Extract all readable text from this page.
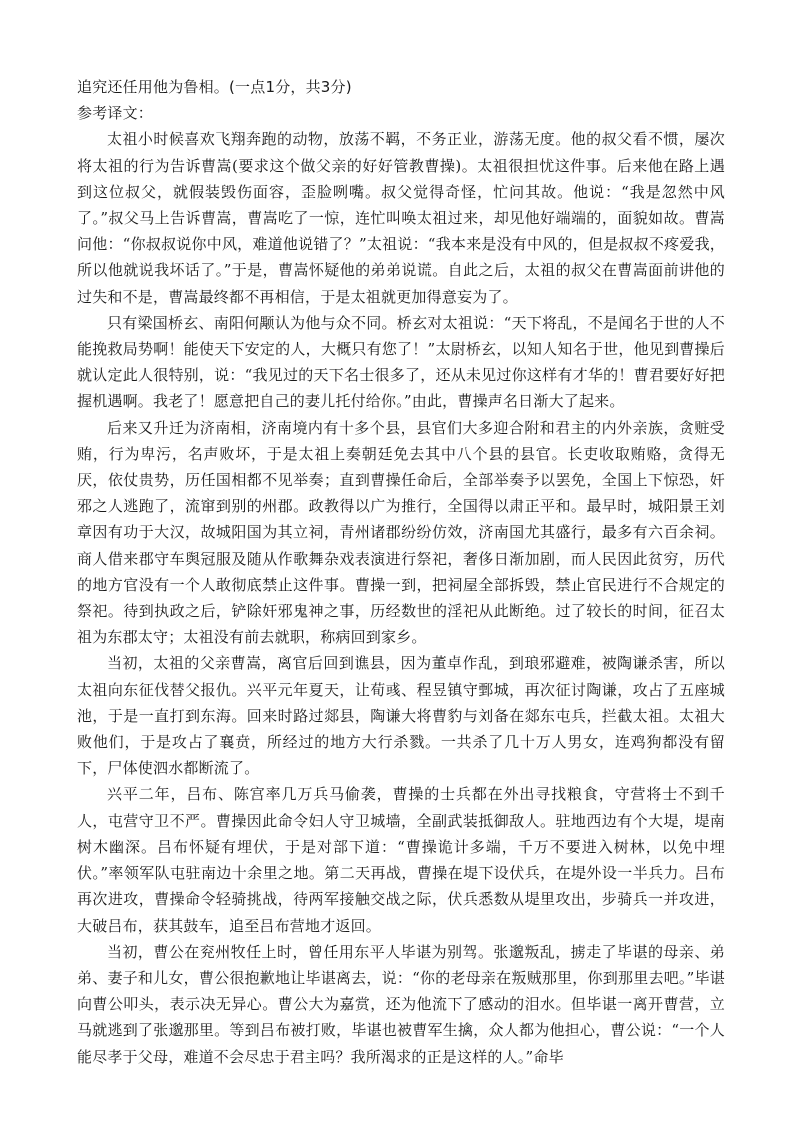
追究还任用他为鲁相。(一点1分，共3分)

参考译文：

太祖小时候喜欢飞翔奔跑的动物，放荡不羁，不务正业，游荡无度。他的叔父看不惯，屡次将太祖的行为告诉曹嵩(要求这个做父亲的好好管教曹操)。太祖很担忧这件事。后来他在路上遇到这位叔父，就假装毁伤面容，歪脸咧嘴。叔父觉得奇怪，忙问其故。他说：“我是忽然中风了。”叔父马上告诉曹嵩，曹嵩吃了一惊，连忙叫唤太祖过来，却见他好端端的，面貌如故。曹嵩问他：“你叔叔说你中风，难道他说错了？”太祖说：“我本来是没有中风的，但是叔叔不疼爱我，所以他就说我坏话了。”于是，曹嵩怀疑他的弟弟说谎。自此之后，太祖的叔父在曹嵩面前讲他的过失和不是，曹嵩最终都不再相信，于是太祖就更加得意妄为了。

只有梁国桥玄、南阳何颙认为他与众不同。桥玄对太祖说：“天下将乱，不是闻名于世的人不能挽救局势啊！能使天下安定的人，大概只有您了！”太尉桥玄，以知人知名于世，他见到曹操后就认定此人很特别，说：“我见过的天下名士很多了，还从未见过你这样有才华的！曹君要好好把握机遇啊。我老了！愿意把自己的妻儿托付给你。”由此，曹操声名日渐大了起来。

后来又升迁为济南相，济南境内有十多个县，县官们大多迎合附和君主的内外亲族，贪赃受贿，行为卑污，名声败坏，于是太祖上奏朝廷免去其中八个县的县官。长吏收取贿赂，贪得无厌，依仗贵势，历任国相都不见举奏；直到曹操任命后，全部举奏予以罢免，全国上下惊恐，奸邪之人逃跑了，流窜到别的州郡。政教得以广为推行，全国得以肃正平和。最早时，城阳景王刘章因有功于大汉，故城阳国为其立祠，青州诸郡纷纷仿效，济南国尤其盛行，最多有六百余祠。商人借来郡守车舆冠服及随从作歌舞杂戏表演进行祭祀，奢侈日渐加剧，而人民因此贫穷，历代的地方官没有一个人敢彻底禁止这件事。曹操一到，把祠屋全部拆毁，禁止官民进行不合规定的祭祀。待到执政之后，铲除奸邪鬼神之事，历经数世的淫祀从此断绝。过了较长的时间，征召太祖为东郡太守；太祖没有前去就职，称病回到家乡。

当初，太祖的父亲曹嵩，离官后回到谯县，因为董卓作乱，到琅邪避难，被陶谦杀害，所以太祖向东征伐替父报仇。兴平元年夏天，让荀彧、程昱镇守鄄城，再次征讨陶谦，攻占了五座城池，于是一直打到东海。回来时路过郯县，陶谦大将曹豹与刘备在郯东屯兵，拦截太祖。太祖大败他们，于是攻占了襄贲，所经过的地方大行杀戮。一共杀了几十万人男女，连鸡狗都没有留下，尸体使泗水都断流了。

兴平二年，吕布、陈宫率几万兵马偷袭，曹操的士兵都在外出寻找粮食，守营将士不到千人，屯营守卫不严。曹操因此命令妇人守卫城墙，全副武装抵御敌人。驻地西边有个大堤，堤南树木幽深。吕布怀疑有埋伏，于是对部下道：“曹操诡计多端，千万不要进入树林，以免中埋伏。”率领军队屯驻南边十余里之地。第二天再战，曹操在堤下设伏兵，在堤外设一半兵力。吕布再次进攻，曹操命令轻骑挑战，待两军接触交战之际，伏兵悉数从堤里攻出，步骑兵一并攻进，大破吕布，获其鼓车，追至吕布营地才返回。

当初，曹公在兖州牧任上时，曾任用东平人毕谌为别驾。张邈叛乱，掳走了毕谌的母亲、弟弟、妻子和儿女，曹公很抱歉地让毕谌离去，说：“你的老母亲在叛贼那里，你到那里去吧。”毕谌向曹公叩头，表示决无异心。曹公大为嘉赏，还为他流下了感动的泪水。但毕谌一离开曹营，立马就逃到了张邈那里。等到吕布被打败，毕谌也被曹军生擒，众人都为他担心，曹公说：“一个人能尽孝于父母，难道不会尽忠于君主吗？我所渴求的正是这样的人。”命毕
